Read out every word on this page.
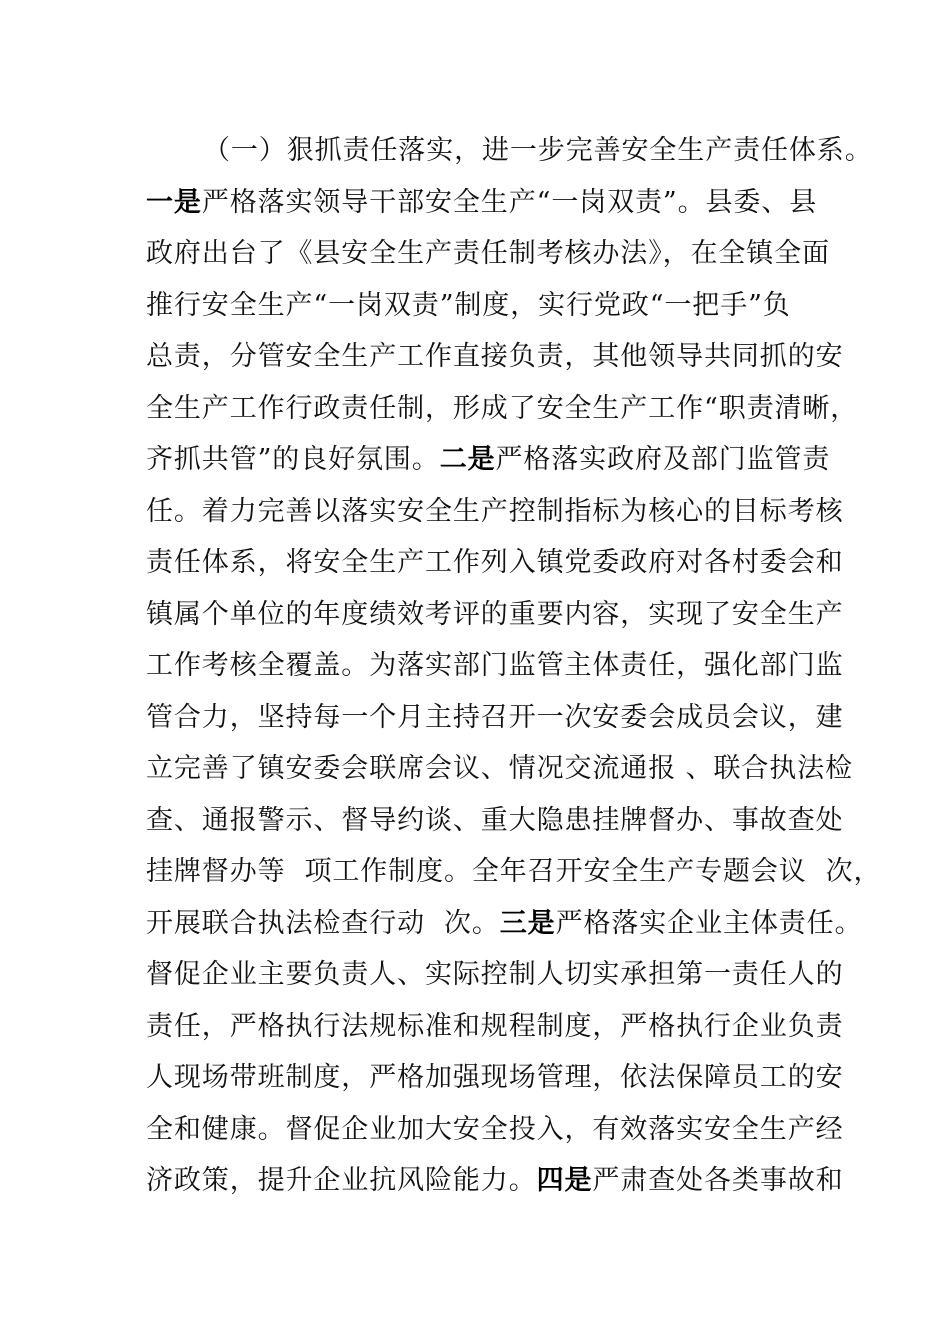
（一）狠抓责任落实，进一步完善安全生产责任体系。
一是严格落实领导干部安全生产“一岗双责”。县委、县
政府出台了《县安全生产责任制考核办法》，在全镇全面
推行安全生产“一岗双责”制度，实行党政“一把手”负
总责，分管安全生产工作直接负责，其他领导共同抓的安
全生产工作行政责任制，形成了安全生产工作“职责清晰，
齐抓共管”的良好氛围。二是严格落实政府及部门监管责
任。着力完善以落实安全生产控制指标为核心的目标考核
责任体系，将安全生产工作列入镇党委政府对各村委会和
镇属个单位的年度绩效考评的重要内容，实现了安全生产
工作考核全覆盖。为落实部门监管主体责任，强化部门监
管合力，坚持每一个月主持召开一次安委会成员会议，建
立完善了镇安委会联席会议、情况交流通报 、联合执法检
查、通报警示、督导约谈、重大隐患挂牌督办、事故查处
挂牌督办等  项工作制度。全年召开安全生产专题会议  次，
开展联合执法检查行动  次。三是严格落实企业主体责任。
督促企业主要负责人、实际控制人切实承担第一责任人的
责任，严格执行法规标准和规程制度，严格执行企业负责
人现场带班制度，严格加强现场管理，依法保障员工的安
全和健康。督促企业加大安全投入，有效落实安全生产经
济政策，提升企业抗风险能力。四是严肃查处各类事故和
